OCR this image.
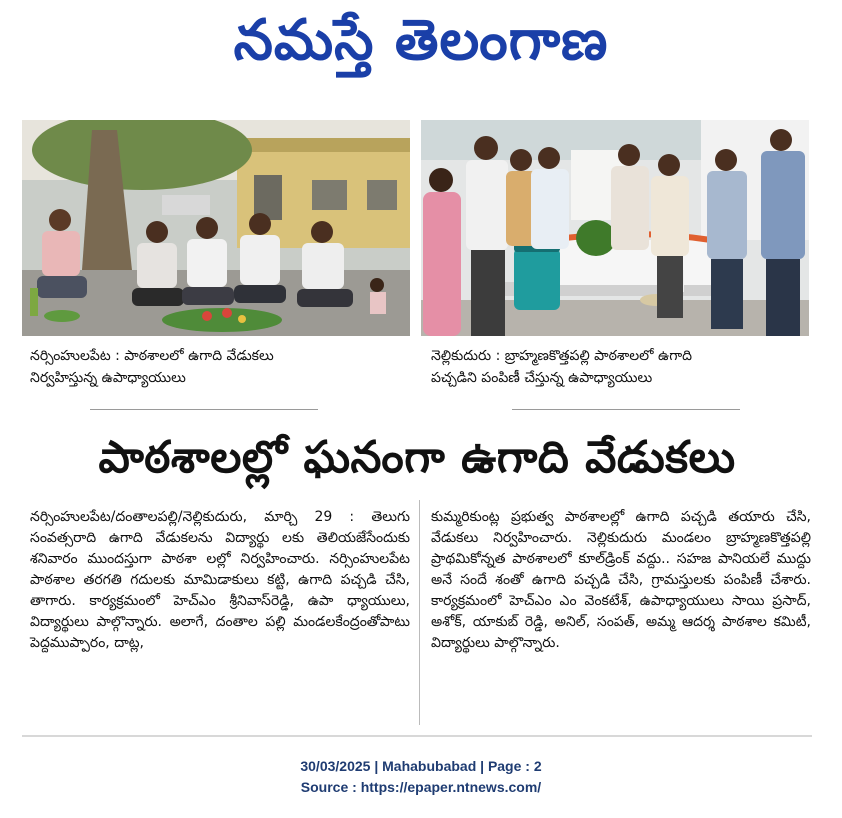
నమస్తే తెలంగాణ
నర్సింహులపేట : పాఠశాలలో ఉగాది వేడుకలు
నిర్వహిస్తున్న ఉపాధ్యాయులు
నెల్లికుదురు : బ్రాహ్మణకొత్తపల్లి పాఠశాలలో ఉగాది
పచ్చడిని పంపిణీ చేస్తున్న ఉపాధ్యాయులు
పాఠశాలల్లో ఘనంగా ఉగాది వేడుకలు
నర్సింహులపేట/దంతాలపల్లి/నెల్లికుదురు, మార్చి 29 : తెలుగు సంవత్సరాది ఉగాది వేడుకలను విద్యార్థు లకు తెలియజేసేందుకు శనివారం ముందస్తుగా పాఠశా లల్లో నిర్వహించారు. నర్సింహులపేట పాఠశాల తరగతి గదులకు మామిడాకులు కట్టి, ఉగాది పచ్చడి చేసి, తాగారు. కార్యక్రమంలో హెచ్‌ఎం శ్రీనివాస్‌రెడ్డి, ఉపా ధ్యాయులు, విద్యార్థులు పాల్గొన్నారు. అలాగే, దంతాల పల్లి మండలకేంద్రంతోపాటు పెద్దముప్పారం, దాట్ల,
కుమ్మరికుంట్ల ప్రభుత్వ పాఠశాలల్లో ఉగాది పచ్చడి తయారు చేసి, వేడుకలు నిర్వహించారు. నెల్లికుదురు మండలం బ్రాహ్మణకొత్తపల్లి ప్రాథమికోన్నత పాఠశాలలో కూల్‌డ్రింక్ వద్దు.. సహజ పానియలే ముద్దు అనే సందే శంతో ఉగాది పచ్చడి చేసి, గ్రామస్తులకు పంపిణీ చేశారు. కార్యక్రమంలో హెచ్‌ఎం ఎం వెంకటేశ్, ఉపాధ్యాయులు సాయి ప్రసాద్, అశోక్, యాకుబ్ రెడ్డి, అనిల్, సంపత్, అమ్మ ఆదర్శ పాఠశాల కమిటీ, విద్యార్థులు పాల్గొన్నారు.
30/03/2025 | Mahabubabad | Page : 2
Source : https://epaper.ntnews.com/
